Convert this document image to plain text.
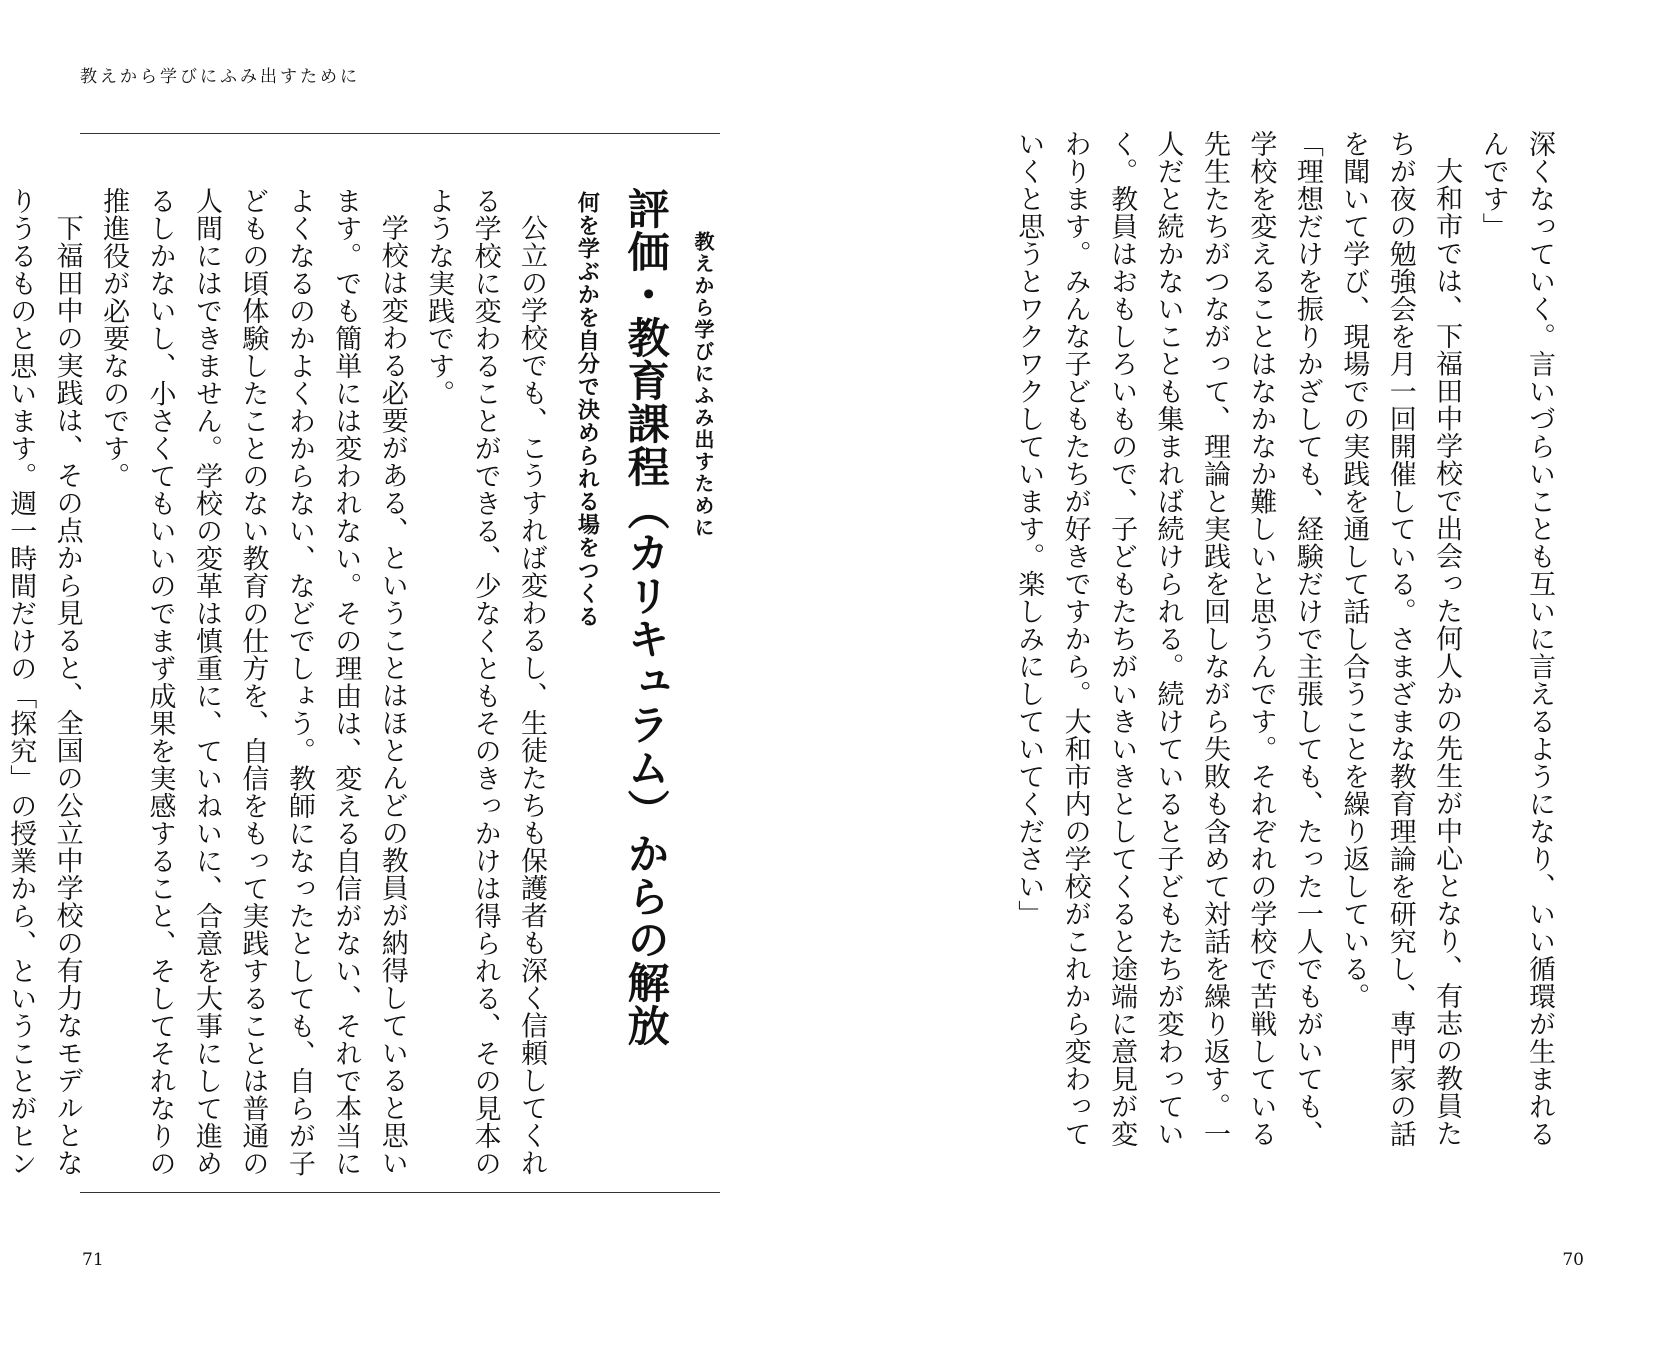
教えから学びにふみ出すために

教えから学びにふみ出すために

評価・教育課程（カリキュラム）からの解放
何を学ぶかを自分で決められる場をつくる

公立の学校でも、こうすれば変わるし、生徒たちも保護者も深く信頼してくれる学校に変わることができる、少なくともそのきっかけは得られる、その見本のような実践です。

学校は変わる必要がある、ということはほとんどの教員が納得していると思います。でも簡単には変われない。その理由は、変える自信がない、それで本当によくなるのかよくわからない、などでしょう。教師になったとしても、自らが子どもの頃体験したことのない教育の仕方を、自信をもって実践することは普通の人間にはできません。学校の変革は慎重に、ていねいに、合意を大事にして進めるしかないし、小さくてもいいのでまず成果を実感すること、そしてそれなりの推進役が必要なのです。

下福田中の実践は、その点から見ると、全国の公立中学校の有力なモデルとなりうるものと思います。週一時間だけの「探究」の授業から、ということがヒン

71

深くなっていく。言いづらいことも互いに言えるようになり、いい循環が生まれるんです」

大和市では、下福田中学校で出会った何人かの先生が中心となり、有志の教員たちが夜の勉強会を月一回開催している。さまざまな教育理論を研究し、専門家の話を聞いて学び、現場での実践を通して話し合うことを繰り返している。

「理想だけを振りかざしても、経験だけで主張しても、たった一人でもがいても、学校を変えることはなかなか難しいと思うんです。それぞれの学校で苦戦している先生たちがつながって、理論と実践を回しながら失敗も含めて対話を繰り返す。一人だと続かないことも集まれば続けられる。続けていると子どもたちが変わっていく。教員はおもしろいもので、子どもたちがいきいきとしてくると途端に意見が変わります。みんな子どもたちが好きですから。大和市内の学校がこれから変わっていくと思うとワクワクしています。楽しみにしていてください」

70
